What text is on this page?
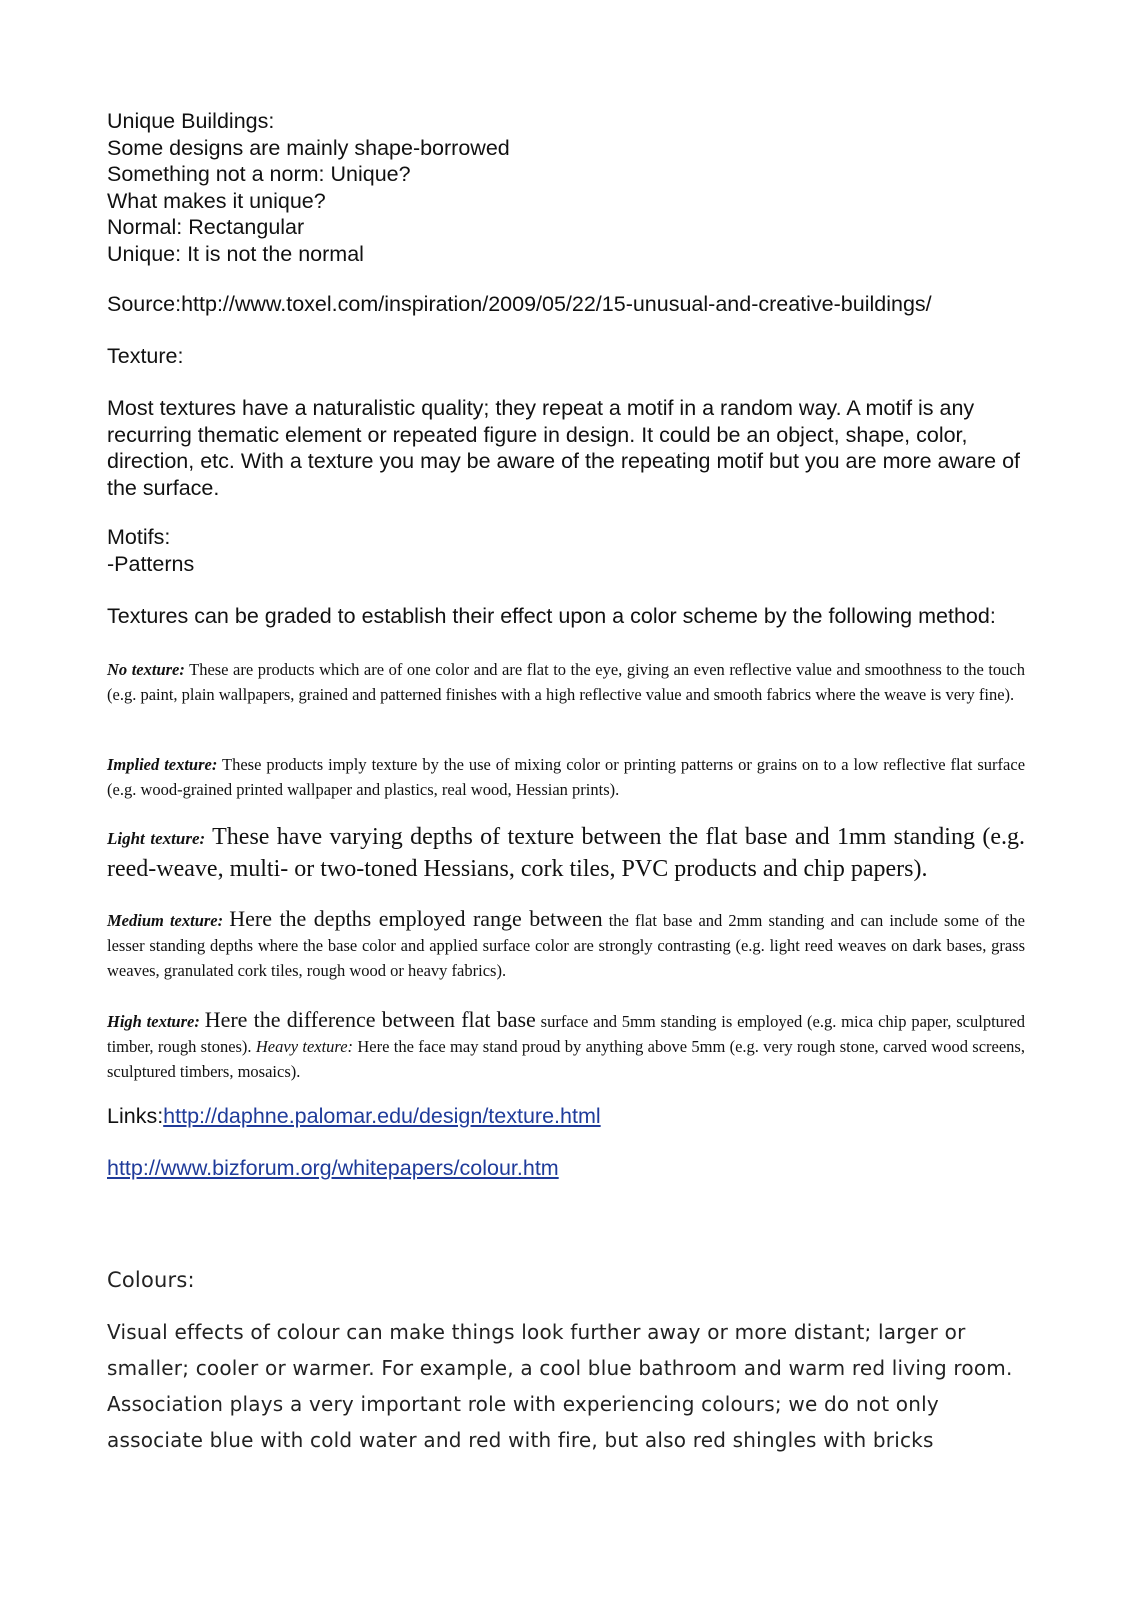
Unique Buildings:
Some designs are mainly shape-borrowed
Something not a norm: Unique?
What makes it unique?
Normal: Rectangular
Unique: It is not the normal
Source:http://www.toxel.com/inspiration/2009/05/22/15-unusual-and-creative-buildings/
Texture:
Most textures have a naturalistic quality; they repeat a motif in a random way. A motif is any recurring thematic element or repeated figure in design. It could be an object, shape, color, direction, etc. With a texture you may be aware of the repeating motif but you are more aware of the surface.
Motifs:
-Patterns
Textures can be graded to establish their effect upon a color scheme by the following method:
No texture: These are products which are of one color and are flat to the eye, giving an even reflective value and smoothness to the touch (e.g. paint, plain wallpapers, grained and patterned finishes with a high reflective value and smooth fabrics where the weave is very fine).
Implied texture: These products imply texture by the use of mixing color or printing patterns or grains on to a low reflective flat surface (e.g. wood-grained printed wallpaper and plastics, real wood, Hessian prints).
Light texture: These have varying depths of texture between the flat base and 1mm standing (e.g. reed-weave, multi- or two-toned Hessians, cork tiles, PVC products and chip papers).
Medium texture: Here the depths employed range between the flat base and 2mm standing and can include some of the lesser standing depths where the base color and applied surface color are strongly contrasting (e.g. light reed weaves on dark bases, grass weaves, granulated cork tiles, rough wood or heavy fabrics).
High texture: Here the difference between flat base surface and 5mm standing is employed (e.g. mica chip paper, sculptured timber, rough stones). Heavy texture: Here the face may stand proud by anything above 5mm (e.g. very rough stone, carved wood screens, sculptured timbers, mosaics).
Links:http://daphne.palomar.edu/design/texture.html
http://www.bizforum.org/whitepapers/colour.htm
Colours:
Visual effects of colour can make things look further away or more distant; larger or
smaller; cooler or warmer. For example, a cool blue bathroom and warm red living room.
Association plays a very important role with experiencing colours; we do not only
associate blue with cold water and red with fire, but also red shingles with bricks
